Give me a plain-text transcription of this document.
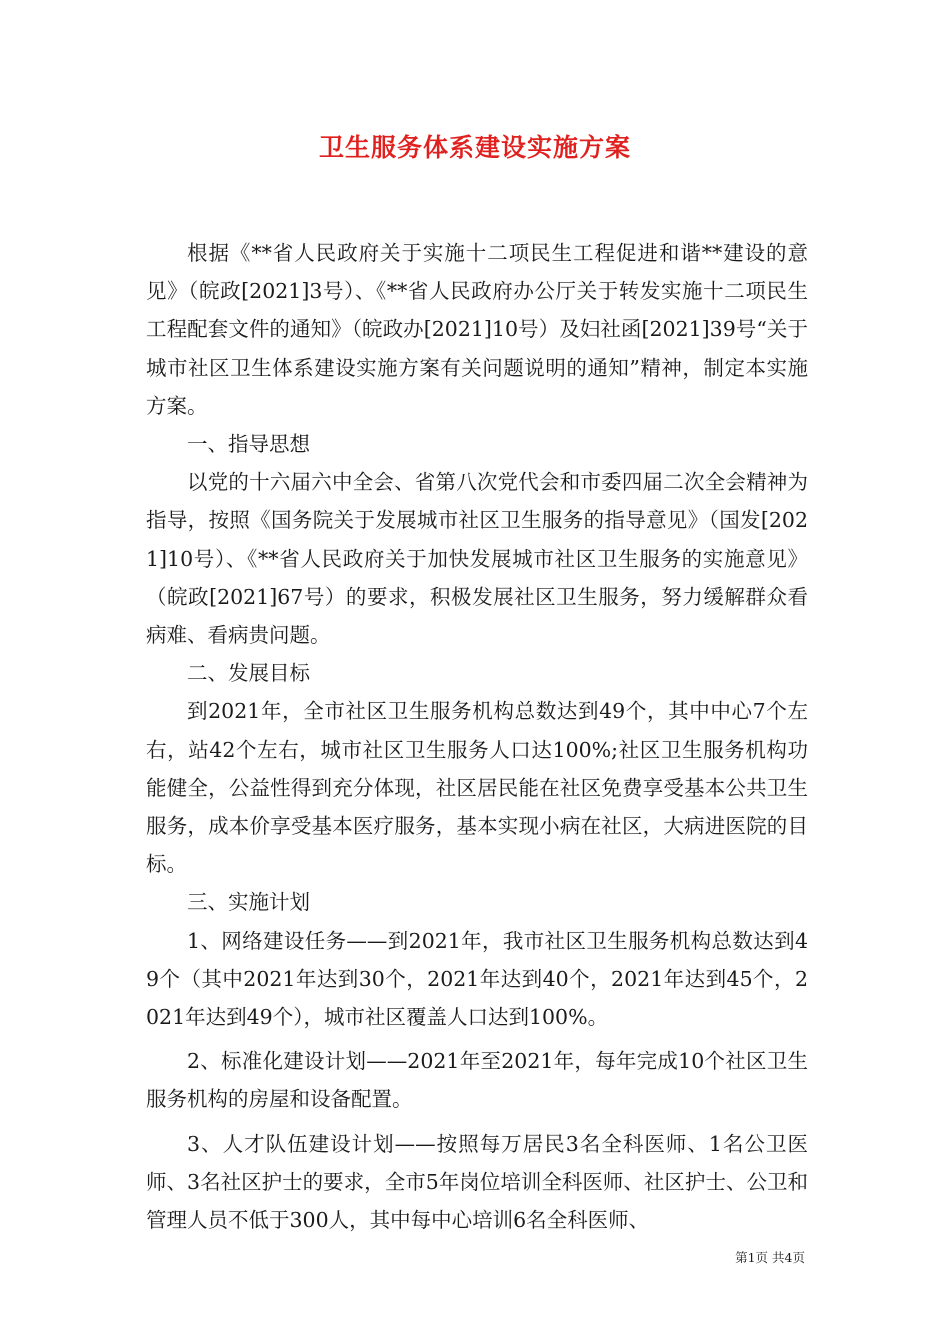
卫生服务体系建设实施方案

根据《**省人民政府关于实施十二项民生工程促进和谐**建设的意见》（皖政[2021]3号）、《**省人民政府办公厅关于转发实施十二项民生工程配套文件的通知》（皖政办[2021]10号）及妇社函[2021]39号“关于城市社区卫生体系建设实施方案有关问题说明的通知”精神，制定本实施方案。

一、指导思想

以党的十六届六中全会、省第八次党代会和市委四届二次全会精神为指导，按照《国务院关于发展城市社区卫生服务的指导意见》（国发[2021]10号）、《**省人民政府关于加快发展城市社区卫生服务的实施意见》（皖政[2021]67号）的要求，积极发展社区卫生服务，努力缓解群众看病难、看病贵问题。

二、发展目标

到2021年，全市社区卫生服务机构总数达到49个，其中中心7个左右，站42个左右，城市社区卫生服务人口达100%;社区卫生服务机构功能健全，公益性得到充分体现，社区居民能在社区免费享受基本公共卫生服务，成本价享受基本医疗服务，基本实现小病在社区，大病进医院的目标。

三、实施计划

1、网络建设任务——到2021年，我市社区卫生服务机构总数达到49个（其中2021年达到30个，2021年达到40个，2021年达到45个，2021年达到49个），城市社区覆盖人口达到100%。

2、标准化建设计划——2021年至2021年，每年完成10个社区卫生服务机构的房屋和设备配置。

3、人才队伍建设计划——按照每万居民3名全科医师、1名公卫医师、3名社区护士的要求，全市5年岗位培训全科医师、社区护士、公卫和管理人员不低于300人，其中每中心培训6名全科医师、

第1页 共4页
